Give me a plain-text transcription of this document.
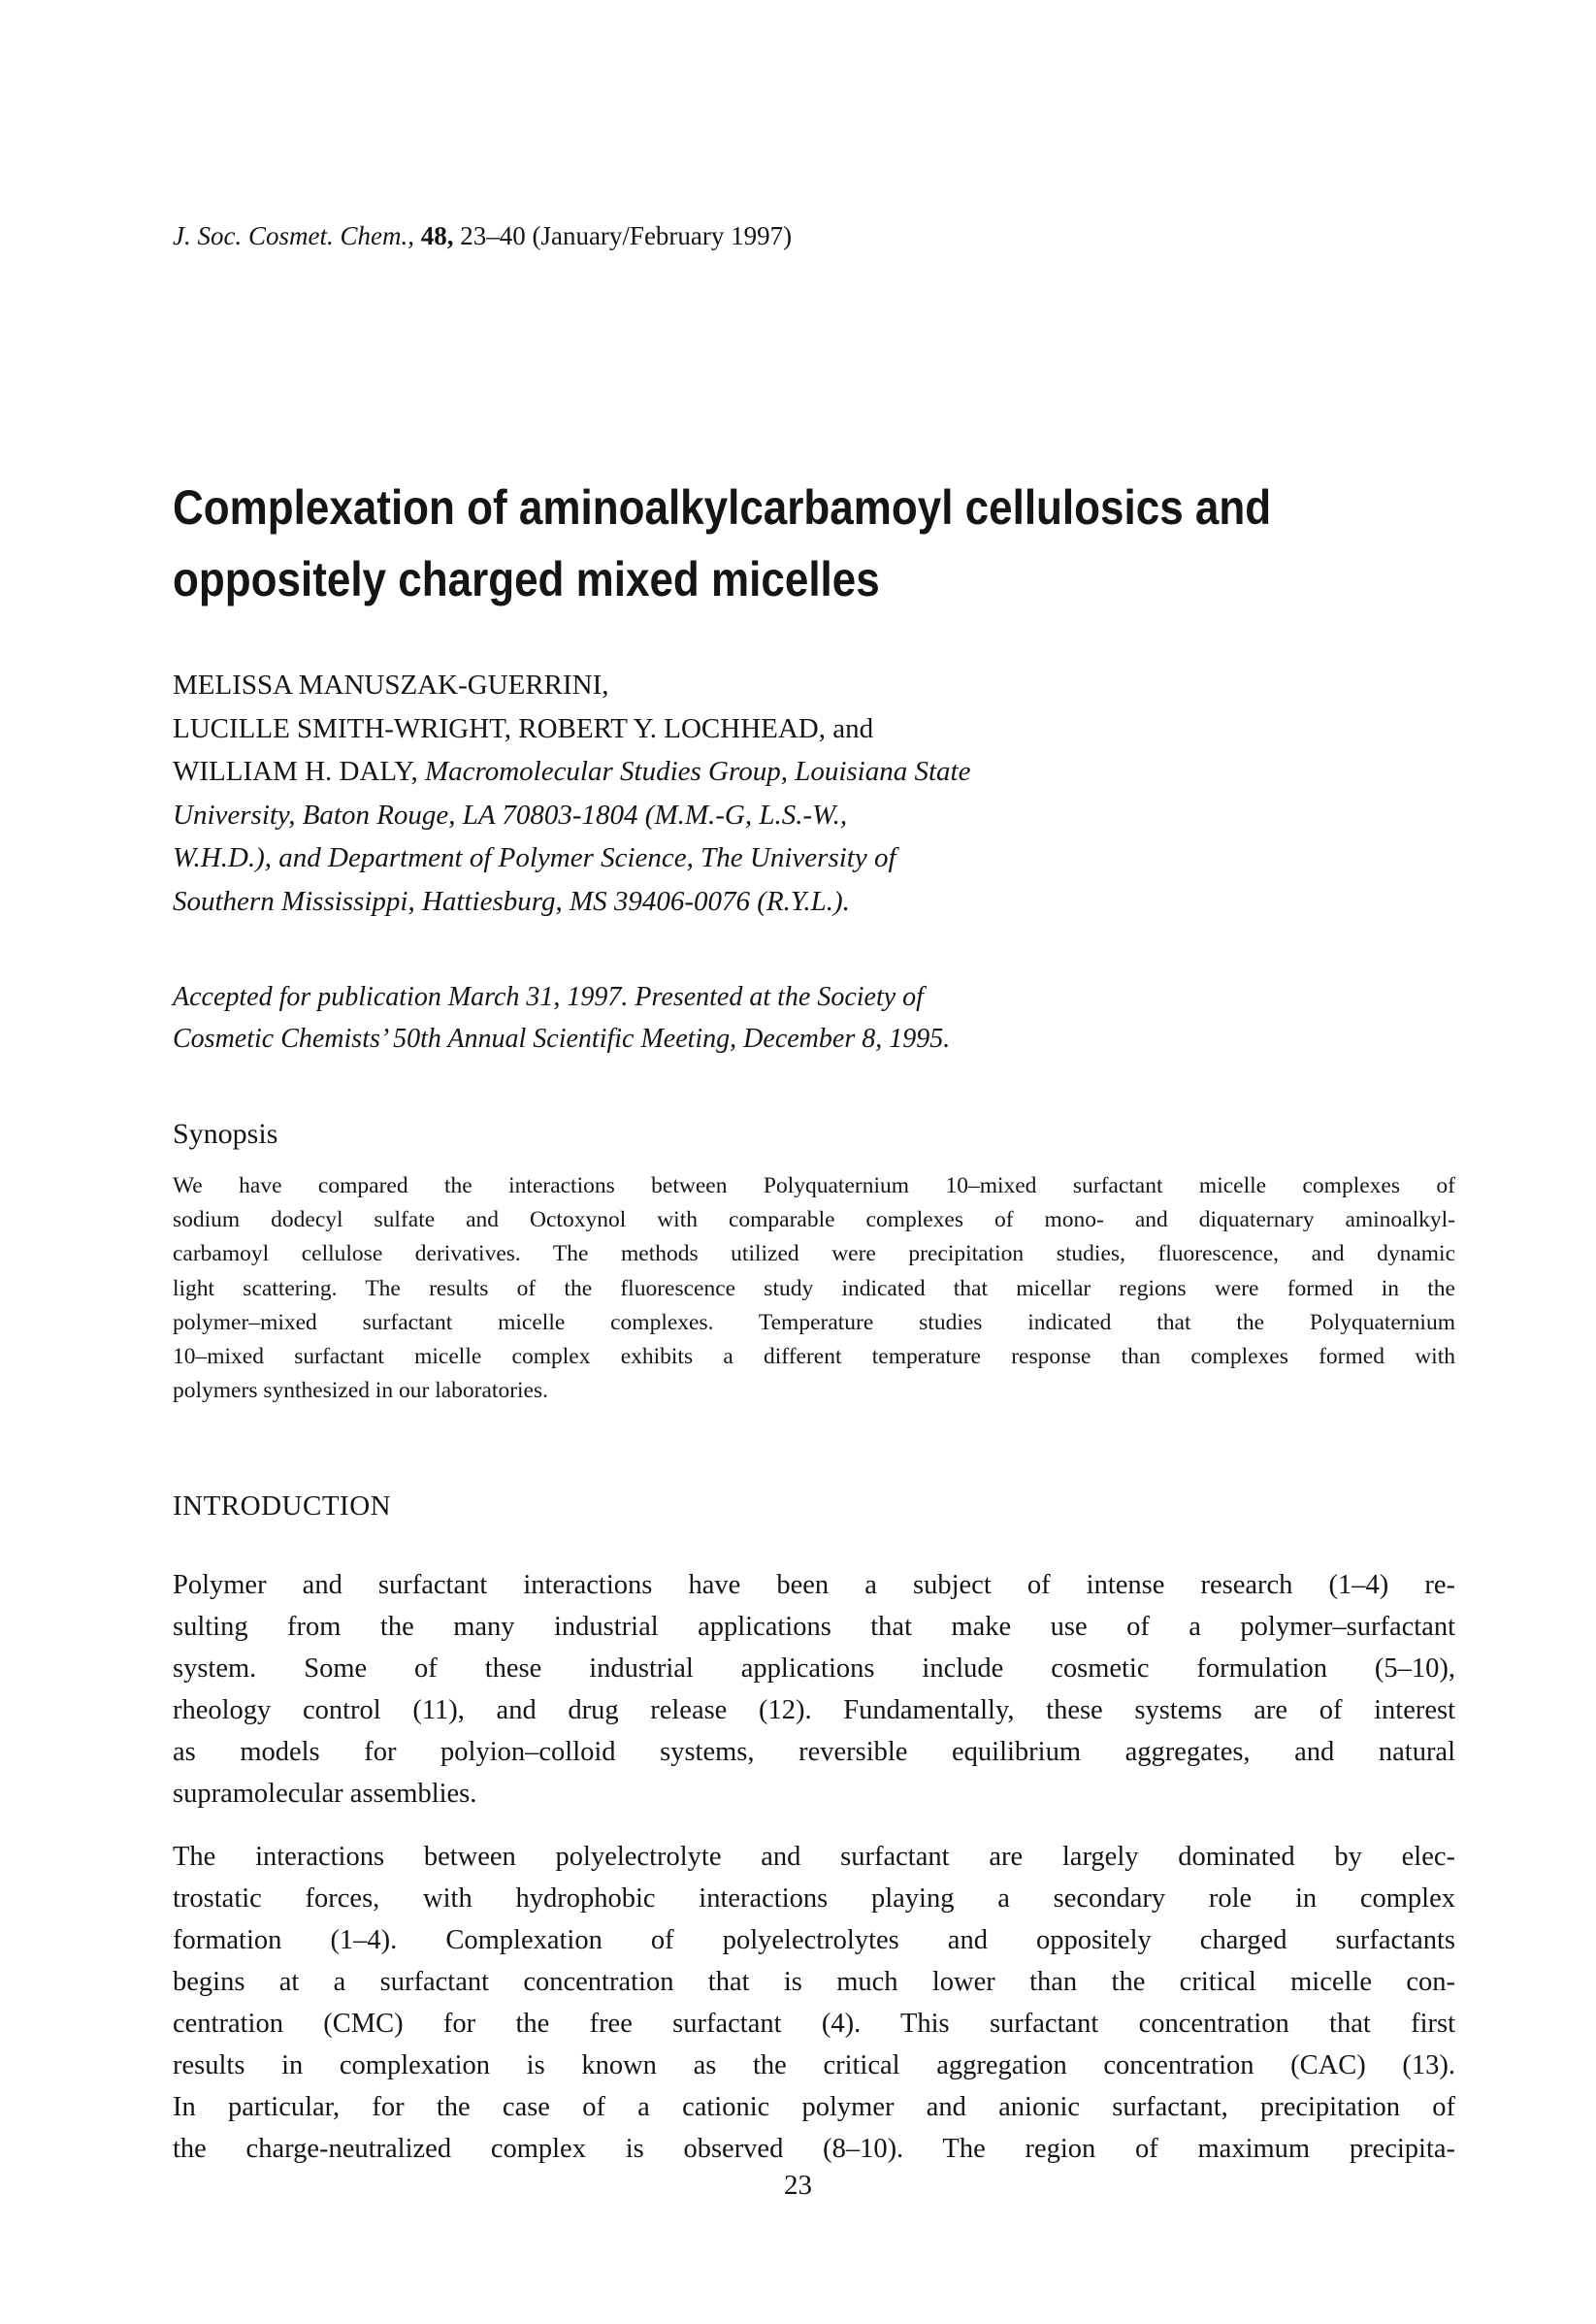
J. Soc. Cosmet. Chem., 48, 23–40 (January/February 1997)
Complexation of aminoalkylcarbamoyl cellulosics and
oppositely charged mixed micelles
MELISSA MANUSZAK-GUERRINI,
LUCILLE SMITH-WRIGHT, ROBERT Y. LOCHHEAD, and
WILLIAM H. DALY, Macromolecular Studies Group, Louisiana State
University, Baton Rouge, LA 70803-1804 (M.M.-G, L.S.-W.,
W.H.D.), and Department of Polymer Science, The University of
Southern Mississippi, Hattiesburg, MS 39406-0076 (R.Y.L.).
Accepted for publication March 31, 1997. Presented at the Society of
Cosmetic Chemists’ 50th Annual Scientific Meeting, December 8, 1995.
Synopsis
We have compared the interactions between Polyquaternium 10–mixed surfactant micelle complexes of
sodium dodecyl sulfate and Octoxynol with comparable complexes of mono- and diquaternary aminoalkyl-
carbamoyl cellulose derivatives. The methods utilized were precipitation studies, fluorescence, and dynamic
light scattering. The results of the fluorescence study indicated that micellar regions were formed in the
polymer–mixed surfactant micelle complexes. Temperature studies indicated that the Polyquaternium
10–mixed surfactant micelle complex exhibits a different temperature response than complexes formed with
polymers synthesized in our laboratories.
INTRODUCTION
Polymer and surfactant interactions have been a subject of intense research (1–4) re-
sulting from the many industrial applications that make use of a polymer–surfactant
system. Some of these industrial applications include cosmetic formulation (5–10),
rheology control (11), and drug release (12). Fundamentally, these systems are of interest
as models for polyion–colloid systems, reversible equilibrium aggregates, and natural
supramolecular assemblies.
The interactions between polyelectrolyte and surfactant are largely dominated by elec-
trostatic forces, with hydrophobic interactions playing a secondary role in complex
formation (1–4). Complexation of polyelectrolytes and oppositely charged surfactants
begins at a surfactant concentration that is much lower than the critical micelle con-
centration (CMC) for the free surfactant (4). This surfactant concentration that first
results in complexation is known as the critical aggregation concentration (CAC) (13).
In particular, for the case of a cationic polymer and anionic surfactant, precipitation of
the charge-neutralized complex is observed (8–10). The region of maximum precipita-
23
